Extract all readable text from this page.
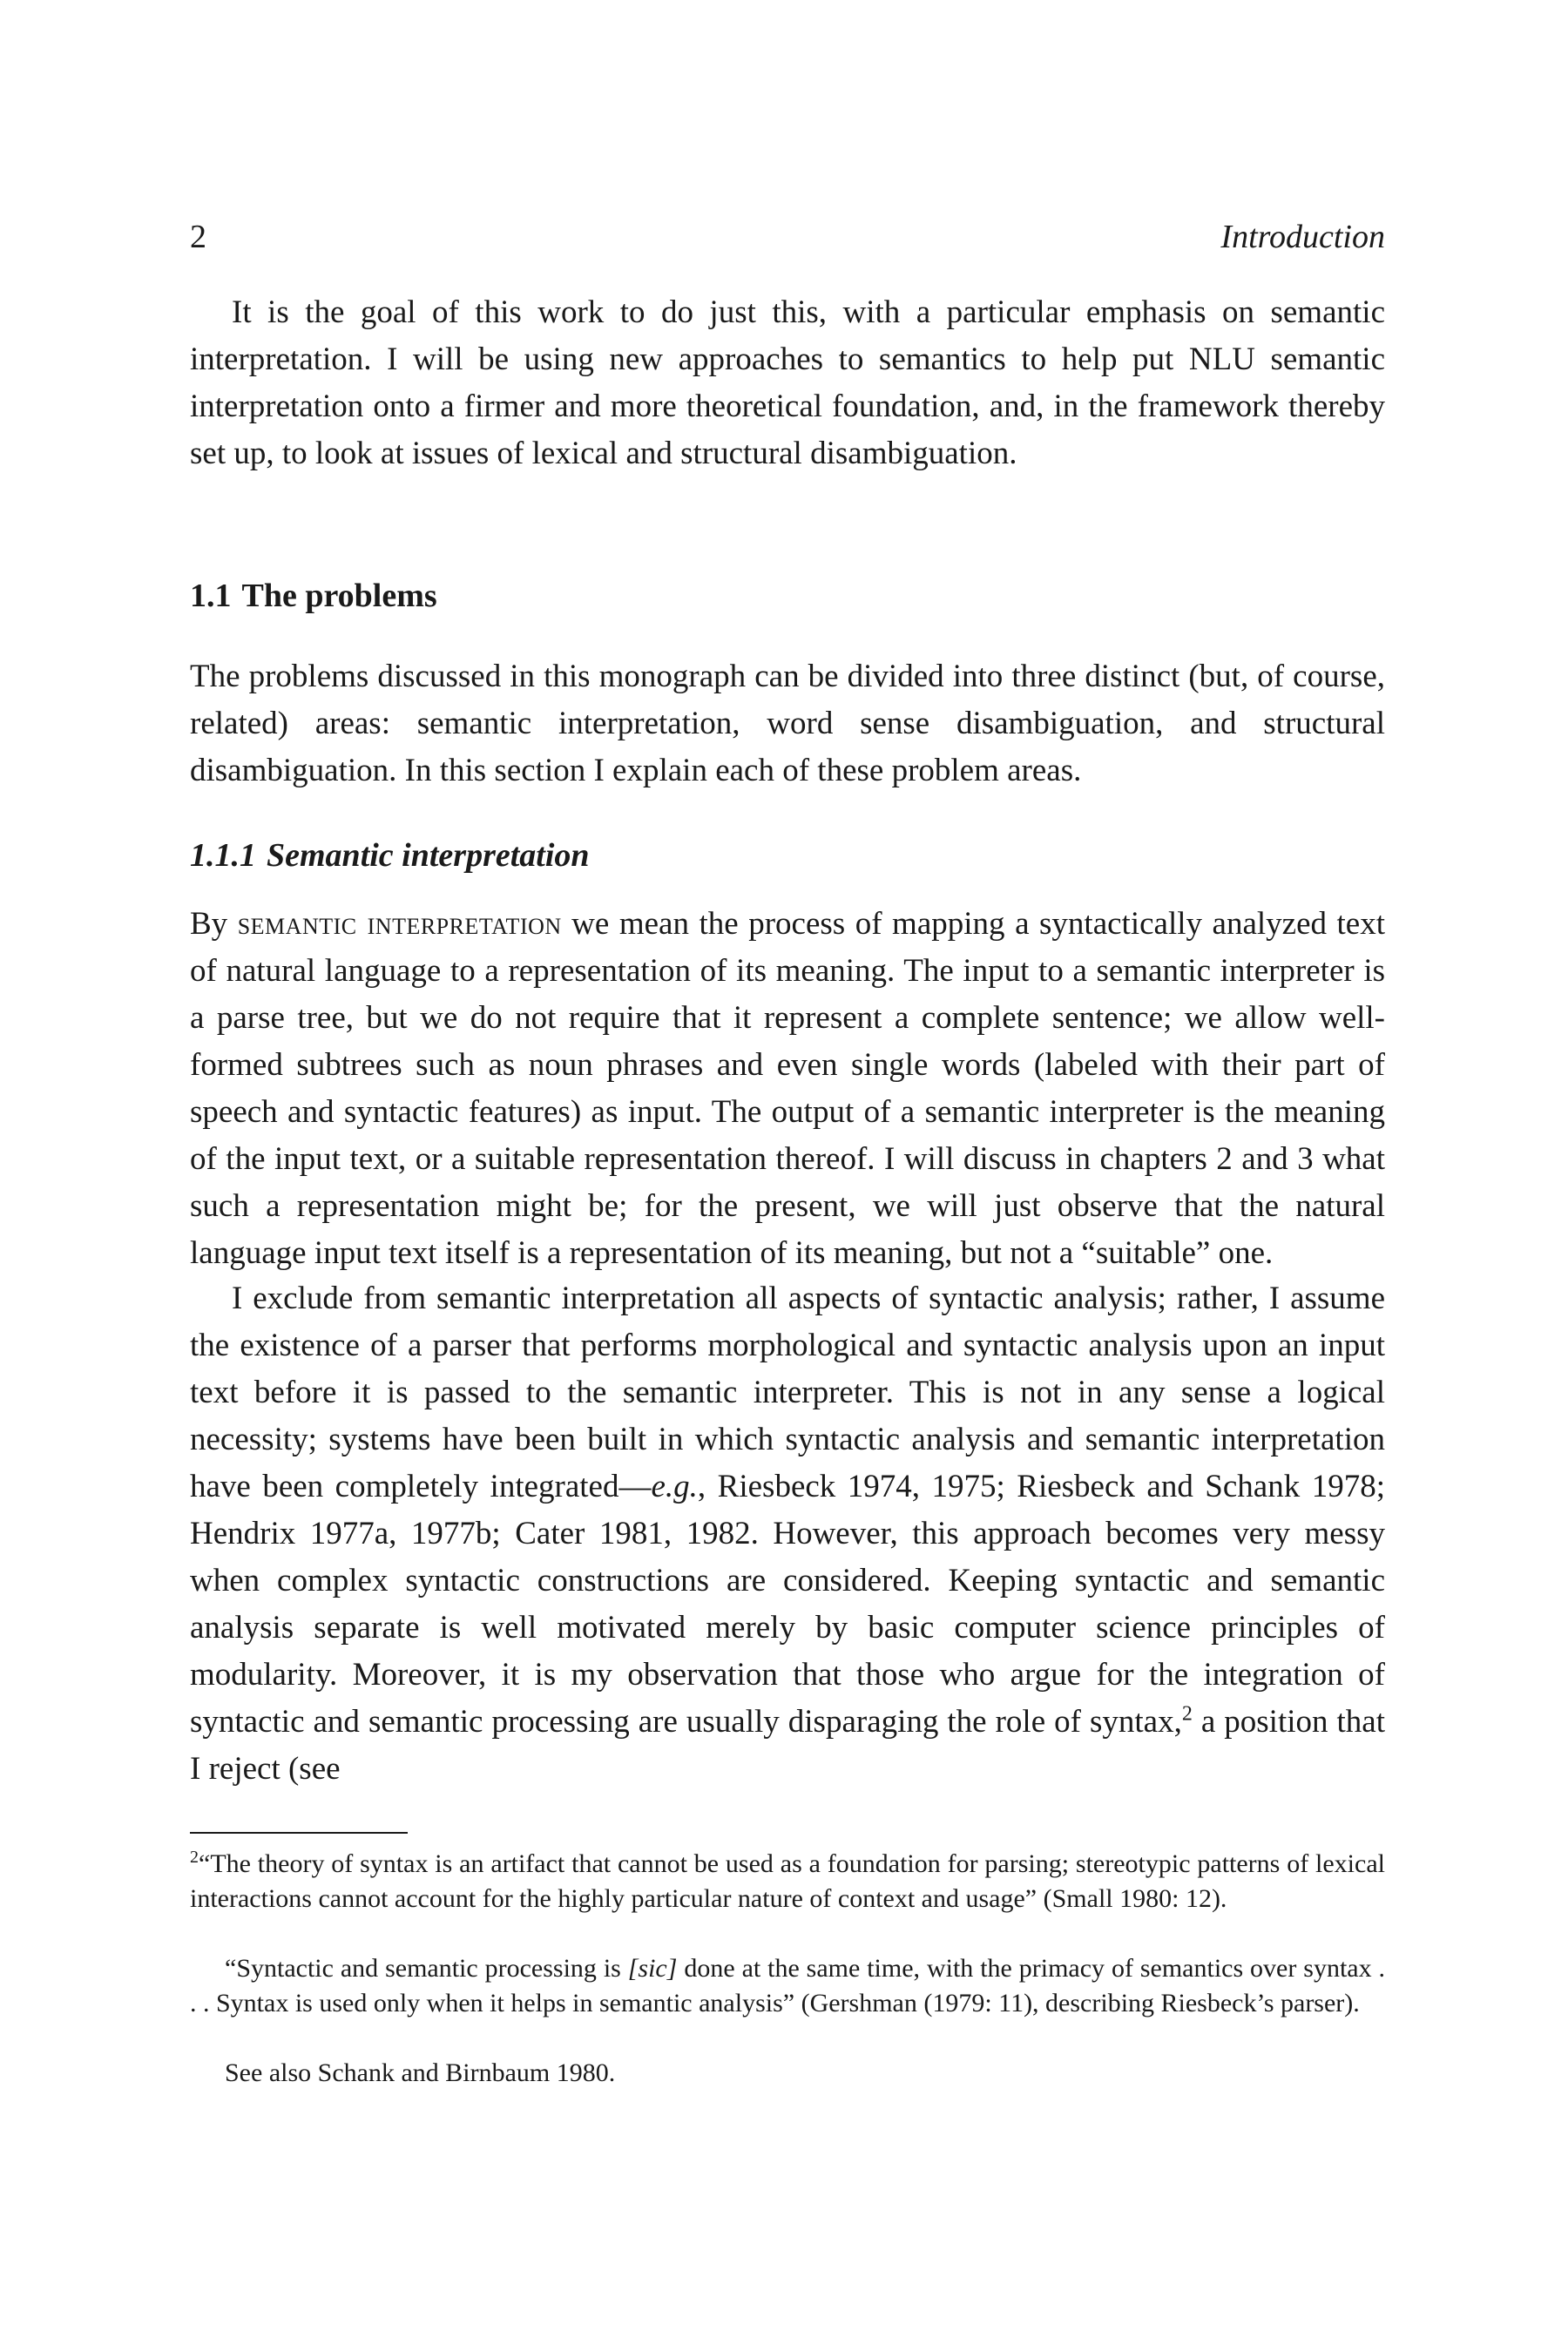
2	Introduction

It is the goal of this work to do just this, with a particular emphasis on semantic interpretation. I will be using new approaches to semantics to help put NLU semantic interpretation onto a firmer and more theoretical foundation, and, in the framework thereby set up, to look at issues of lexical and structural disambiguation.

1.1 The problems

The problems discussed in this monograph can be divided into three distinct (but, of course, related) areas: semantic interpretation, word sense disambiguation, and structural disambiguation. In this section I explain each of these problem areas.

1.1.1 Semantic interpretation

By semantic interpretation we mean the process of mapping a syntactically analyzed text of natural language to a representation of its meaning. The input to a semantic interpreter is a parse tree, but we do not require that it represent a complete sentence; we allow well-formed subtrees such as noun phrases and even single words (labeled with their part of speech and syntactic features) as input. The output of a semantic interpreter is the meaning of the input text, or a suitable representation thereof. I will discuss in chapters 2 and 3 what such a representation might be; for the present, we will just observe that the natural language input text itself is a representation of its meaning, but not a “suitable” one.

I exclude from semantic interpretation all aspects of syntactic analysis; rather, I assume the existence of a parser that performs morphological and syntactic analysis upon an input text before it is passed to the semantic interpreter. This is not in any sense a logical necessity; systems have been built in which syntactic analysis and semantic interpretation have been completely integrated—e.g., Riesbeck 1974, 1975; Riesbeck and Schank 1978; Hendrix 1977a, 1977b; Cater 1981, 1982. However, this approach becomes very messy when complex syntactic constructions are considered. Keeping syntactic and semantic analysis separate is well motivated merely by basic computer science principles of modularity. Moreover, it is my observation that those who argue for the integration of syntactic and semantic processing are usually disparaging the role of syntax,$^2$ a position that I reject (see

$^2$“The theory of syntax is an artifact that cannot be used as a foundation for parsing; stereotypic patterns of lexical interactions cannot account for the highly particular nature of context and usage” (Small 1980: 12).

“Syntactic and semantic processing is [sic] done at the same time, with the primacy of semantics over syntax . . . Syntax is used only when it helps in semantic analysis” (Gershman (1979: 11), describing Riesbeck’s parser).

See also Schank and Birnbaum 1980.
